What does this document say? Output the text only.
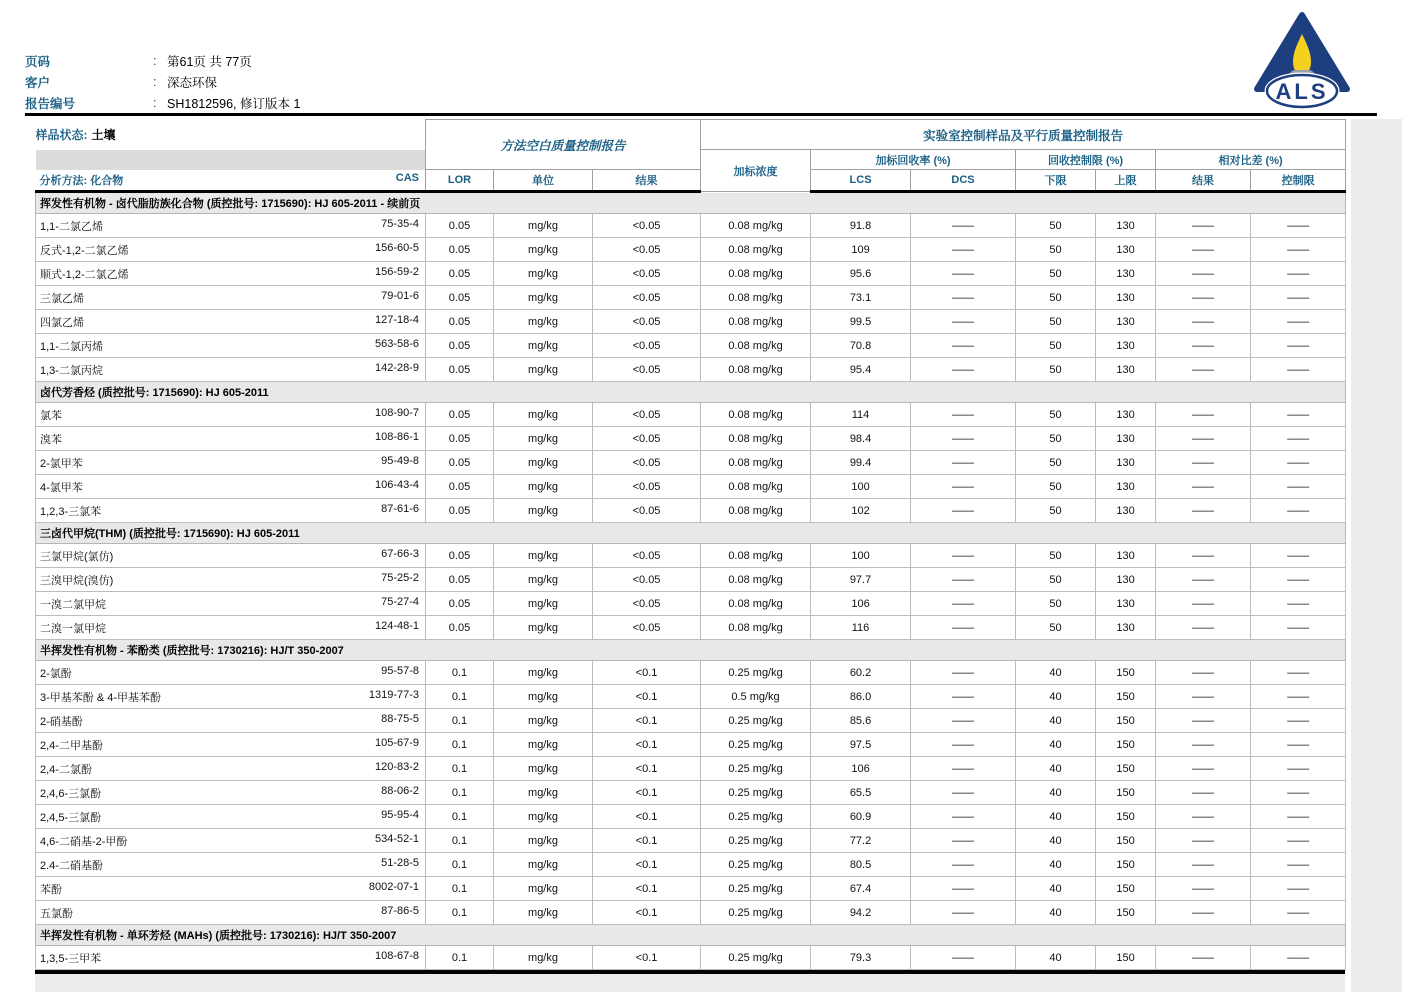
页码	: 第61页 共 77页
客户	: 深态环保
报告编号	: SH1812596, 修订版本 1	ALS
样品状态: 土壤	方法空白质量控制报告			实验室控制样品及平行质量控制报告						
				加标浓度	加标回收率 (%)		回收控制限 (%)		相对比差 (%)	

分析方法: 化合物 CAS	LOR	单位	结果		LCS	DCS	下限	上限	结果	控制限
挥发性有机物 - 卤代脂肪族化合物 (质控批号: 1715690): HJ 605-2011 - 续前页										

1,1-二氯乙烯 75-35-4	0.05	mg/kg	<0.05	0.08 mg/kg	91.8	——	50	130	——	——

反式-1,2-二氯乙烯 156-60-5	0.05	mg/kg	<0.05	0.08 mg/kg	109	——	50	130	——	——

顺式-1,2-二氯乙烯 156-59-2	0.05	mg/kg	<0.05	0.08 mg/kg	95.6	——	50	130	——	——

三氯乙烯 79-01-6	0.05	mg/kg	<0.05	0.08 mg/kg	73.1	——	50	130	——	——

四氯乙烯 127-18-4	0.05	mg/kg	<0.05	0.08 mg/kg	99.5	——	50	130	——	——

1,1-二氯丙烯 563-58-6	0.05	mg/kg	<0.05	0.08 mg/kg	70.8	——	50	130	——	——

1,3-二氯丙烷 142-28-9	0.05	mg/kg	<0.05	0.08 mg/kg	95.4	——	50	130	——	——
卤代芳香烃 (质控批号: 1715690): HJ 605-2011										

氯苯 108-90-7	0.05	mg/kg	<0.05	0.08 mg/kg	114	——	50	130	——	——

溴苯 108-86-1	0.05	mg/kg	<0.05	0.08 mg/kg	98.4	——	50	130	——	——

2-氯甲苯 95-49-8	0.05	mg/kg	<0.05	0.08 mg/kg	99.4	——	50	130	——	——

4-氯甲苯 106-43-4	0.05	mg/kg	<0.05	0.08 mg/kg	100	——	50	130	——	——

1,2,3-三氯苯 87-61-6	0.05	mg/kg	<0.05	0.08 mg/kg	102	——	50	130	——	——
三卤代甲烷(THM) (质控批号: 1715690): HJ 605-2011										

三氯甲烷(氯仿) 67-66-3	0.05	mg/kg	<0.05	0.08 mg/kg	100	——	50	130	——	——

三溴甲烷(溴仿) 75-25-2	0.05	mg/kg	<0.05	0.08 mg/kg	97.7	——	50	130	——	——

一溴二氯甲烷 75-27-4	0.05	mg/kg	<0.05	0.08 mg/kg	106	——	50	130	——	——

二溴一氯甲烷 124-48-1	0.05	mg/kg	<0.05	0.08 mg/kg	116	——	50	130	——	——
半挥发性有机物 - 苯酚类 (质控批号: 1730216): HJ/T 350-2007										

2-氯酚 95-57-8	0.1	mg/kg	<0.1	0.25 mg/kg	60.2	——	40	150	——	——

3-甲基苯酚 & 4-甲基苯酚 1319-77-3	0.1	mg/kg	<0.1	0.5 mg/kg	86.0	——	40	150	——	——

2-硝基酚 88-75-5	0.1	mg/kg	<0.1	0.25 mg/kg	85.6	——	40	150	——	——

2,4-二甲基酚 105-67-9	0.1	mg/kg	<0.1	0.25 mg/kg	97.5	——	40	150	——	——

2,4-二氯酚 120-83-2	0.1	mg/kg	<0.1	0.25 mg/kg	106	——	40	150	——	——

2,4,6-三氯酚 88-06-2	0.1	mg/kg	<0.1	0.25 mg/kg	65.5	——	40	150	——	——

2,4,5-三氯酚 95-95-4	0.1	mg/kg	<0.1	0.25 mg/kg	60.9	——	40	150	——	——

4,6-二硝基-2-甲酚 534-52-1	0.1	mg/kg	<0.1	0.25 mg/kg	77.2	——	40	150	——	——

2.4-二硝基酚 51-28-5	0.1	mg/kg	<0.1	0.25 mg/kg	80.5	——	40	150	——	——

苯酚 8002-07-1	0.1	mg/kg	<0.1	0.25 mg/kg	67.4	——	40	150	——	——

五氯酚 87-86-5	0.1	mg/kg	<0.1	0.25 mg/kg	94.2	——	40	150	——	——
半挥发性有机物 - 单环芳烃 (MAHs) (质控批号: 1730216): HJ/T 350-2007										

1,3,5-三甲苯 108-67-8	0.1	mg/kg	<0.1	0.25 mg/kg	79.3	——	40	150	——	——
